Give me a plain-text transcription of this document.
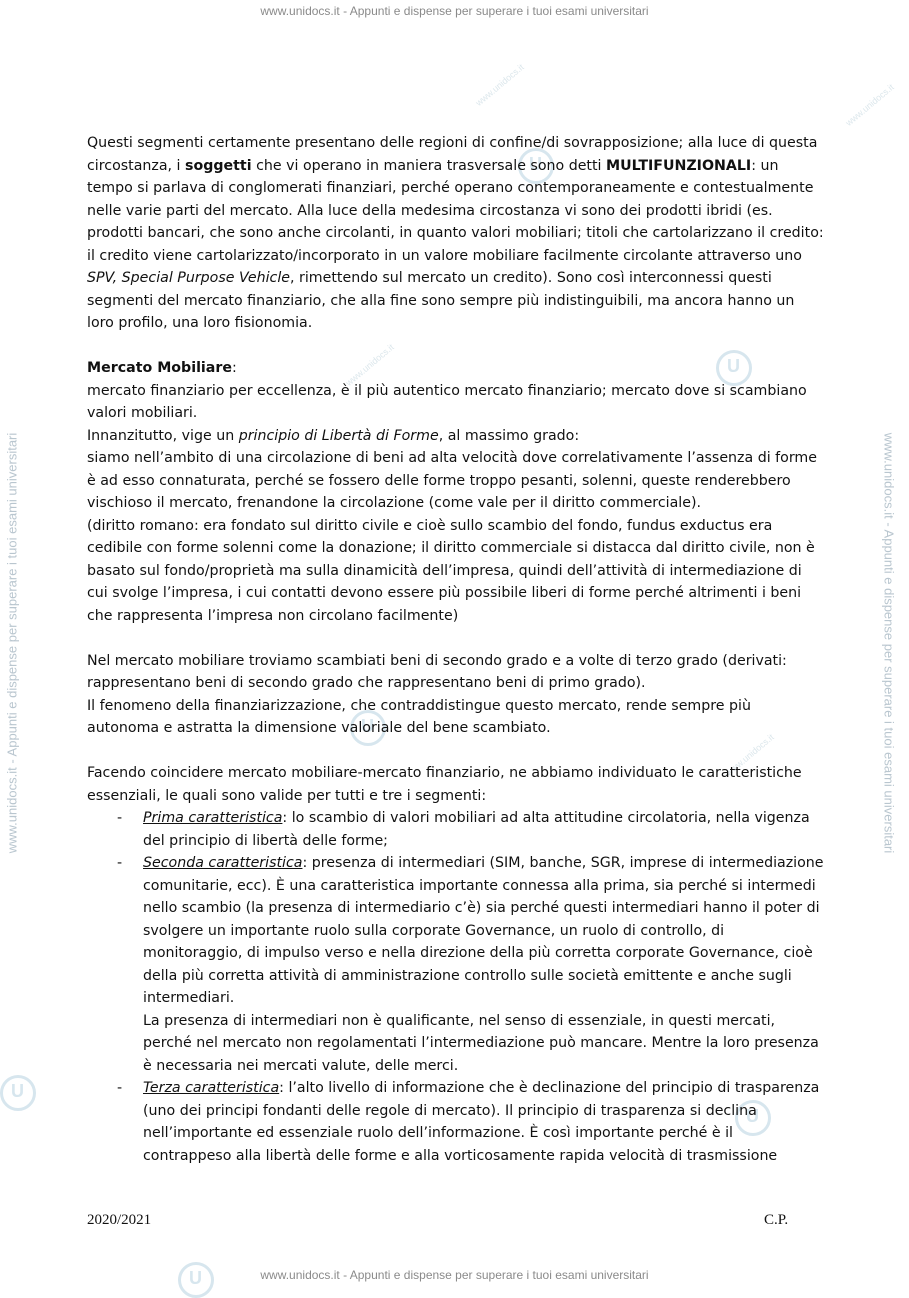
www.unidocs.it - Appunti e dispense per superare i tuoi esami universitari
www.unidocs.it - Appunti e dispense per superare i tuoi esami universitari
www.unidocs.it - Appunti e dispense per superare i tuoi esami universitari	www.unidocs.it - Appunti e dispense per superare i tuoi esami universitari
www.unidocs.it
www.unidocs.it
www.unidocs.it
www.unidocs.it
U
U
U
U
U
U

Questi segmenti certamente presentano delle regioni di confine/di sovrapposizione; alla luce di questa circostanza, i soggetti che vi operano in maniera trasversale sono detti MULTIFUNZIONALI: un tempo si parlava di conglomerati finanziari, perché operano contemporaneamente e contestualmente nelle varie parti del mercato. Alla luce della medesima circostanza vi sono dei prodotti ibridi (es. prodotti bancari, che sono anche circolanti, in quanto valori mobiliari; titoli che cartolarizzano il credito: il credito viene cartolarizzato/incorporato in un valore mobiliare facilmente circolante attraverso uno SPV, Special Purpose Vehicle, rimettendo sul mercato un credito). Sono così interconnessi questi segmenti del mercato finanziario, che alla fine sono sempre più indistinguibili, ma ancora hanno un loro profilo, una loro fisionomia.

Mercato Mobiliare:

mercato finanziario per eccellenza, è il più autentico mercato finanziario; mercato dove si scambiano valori mobiliari.

Innanzitutto, vige un principio di Libertà di Forme, al massimo grado:

siamo nell’ambito di una circolazione di beni ad alta velocità dove correlativamente l’assenza di forme è ad esso connaturata, perché se fossero delle forme troppo pesanti, solenni, queste renderebbero vischioso il mercato, frenandone la circolazione (come vale per il diritto commerciale).

(diritto romano: era fondato sul diritto civile e cioè sullo scambio del fondo, fundus exductus era cedibile con forme solenni come la donazione; il diritto commerciale si distacca dal diritto civile, non è basato sul fondo/proprietà ma sulla dinamicità dell’impresa, quindi dell’attività di intermediazione di cui svolge l’impresa, i cui contatti devono essere più possibile liberi di forme perché altrimenti i beni che rappresenta l’impresa non circolano facilmente)

Nel mercato mobiliare troviamo scambiati beni di secondo grado e a volte di terzo grado (derivati: rappresentano beni di secondo grado che rappresentano beni di primo grado).

Il fenomeno della finanziarizzazione, che contraddistingue questo mercato, rende sempre più autonoma e astratta la dimensione valoriale del bene scambiato.

Facendo coincidere mercato mobiliare-mercato finanziario, ne abbiamo individuato le caratteristiche essenziali, le quali sono valide per tutti e tre i segmenti:

- Prima caratteristica: lo scambio di valori mobiliari ad alta attitudine circolatoria, nella vigenza del principio di libertà delle forme;
- Seconda caratteristica: presenza di intermediari (SIM, banche, SGR, imprese di intermediazione comunitarie, ecc). È una caratteristica importante connessa alla prima, sia perché si intermedi nello scambio (la presenza di intermediario c’è) sia perché questi intermediari hanno il poter di svolgere un importante ruolo sulla corporate Governance, un ruolo di controllo, di monitoraggio, di impulso verso e nella direzione della più corretta corporate Governance, cioè della più corretta attività di amministrazione controllo sulle società emittente e anche sugli intermediari.
La presenza di intermediari non è qualificante, nel senso di essenziale, in questi mercati, perché nel mercato non regolamentati l’intermediazione può mancare. Mentre la loro presenza è necessaria nei mercati valute, delle merci.
- Terza caratteristica: l’alto livello di informazione che è declinazione del principio di trasparenza (uno dei principi fondanti delle regole di mercato). Il principio di trasparenza si declina nell’importante ed essenziale ruolo dell’informazione. È così importante perché è il contrappeso alla libertà delle forme e alla vorticosamente rapida velocità di trasmissione
2020/2021	C.P.
